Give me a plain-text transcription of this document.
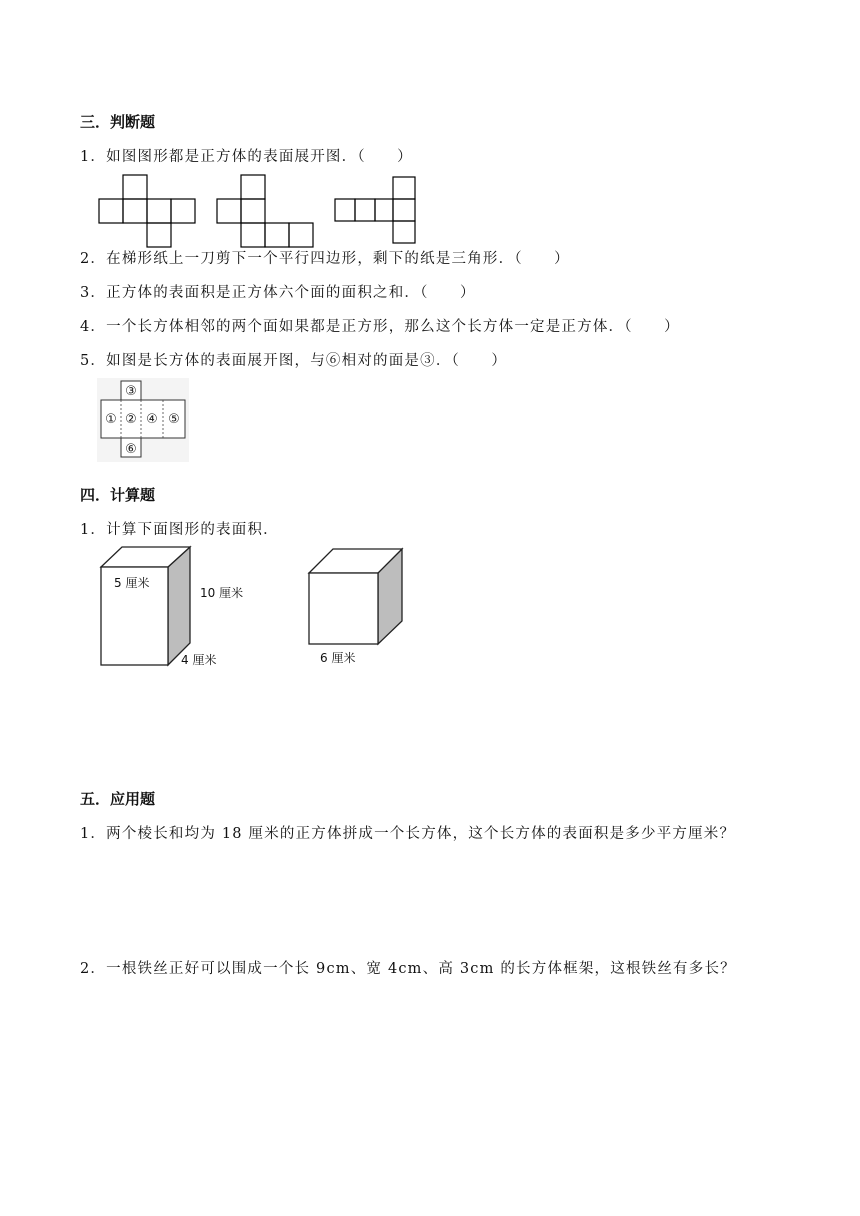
三．判断题
1．如图图形都是正方体的表面展开图．（　　）
2．在梯形纸上一刀剪下一个平行四边形，剩下的纸是三角形．（　　）
3．正方体的表面积是正方体六个面的面积之和．（　　）
4．一个长方体相邻的两个面如果都是正方形，那么这个长方体一定是正方体．（　　）
5．如图是长方体的表面展开图，与⑥相对的面是③．（　　）
① ② ④ ⑤
③
⑥
四．计算题
1．计算下面图形的表面积．
5 厘米
10 厘米
4 厘米	6 厘米
五．应用题
1．两个棱长和均为 18 厘米的正方体拼成一个长方体，这个长方体的表面积是多少平方厘米？
2．一根铁丝正好可以围成一个长 9cm、宽 4cm、高 3cm 的长方体框架，这根铁丝有多长？
